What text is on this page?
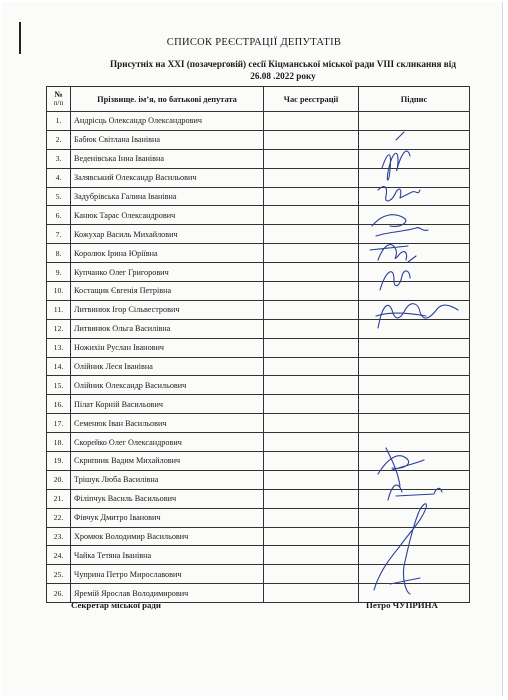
СПИСОК РЕЄСТРАЦІЇ ДЕПУТАТІВ
Присутніх на XXI (позачерговій) сесії Кіцманської міської ради VIII скликання від
26.08 .2022 року
№
п/п	Прізвище. ім’я, по батькові депутата	Час реєстрації	Підпис
1.	Андрісць Олександр Олександрович		
2.	Бабюк Світлана Іванівна		
3.	Веденівська Інна Іванівна		
4.	Залявський Олександр Васильович		
5.	Задубрівська Галина Іванівна		
6.	Канюк Тарас Олександрович		
7.	Кожухар Василь Михайлович		
8.	Королюк Ірина Юріївна		
9.	Купчанко Олег Григорович		
10.	Костащик Євгенія Петрівна		
11.	Литвинюк Ігор Сільвестрович		
12.	Литвинюк Ольга Василівна		
13.	Ножихін Руслан Іванович		
14.	Олійник Леся Іванівна		
15.	Олійник Олександр Васильович		
16.	Пілат Корній Васильович		
17.	Семенюк Іван Васильович		
18.	Скорейко Олег Олександрович		
19.	Скрипник Вадим Михайлович		
20.	Трішук Люба Василівна		
21.	Філіпчук Василь Васильович		
22.	Фівчук Дмитро Іванович		
23.	Хромюк Володимир Васильович		
24.	Чайка Тетяна Іванівна		
25.	Чуприна Петро Мирославович		
26.	Яремій Ярослав Володимирович		
Секретар міської ради	Петро ЧУПРИНА
